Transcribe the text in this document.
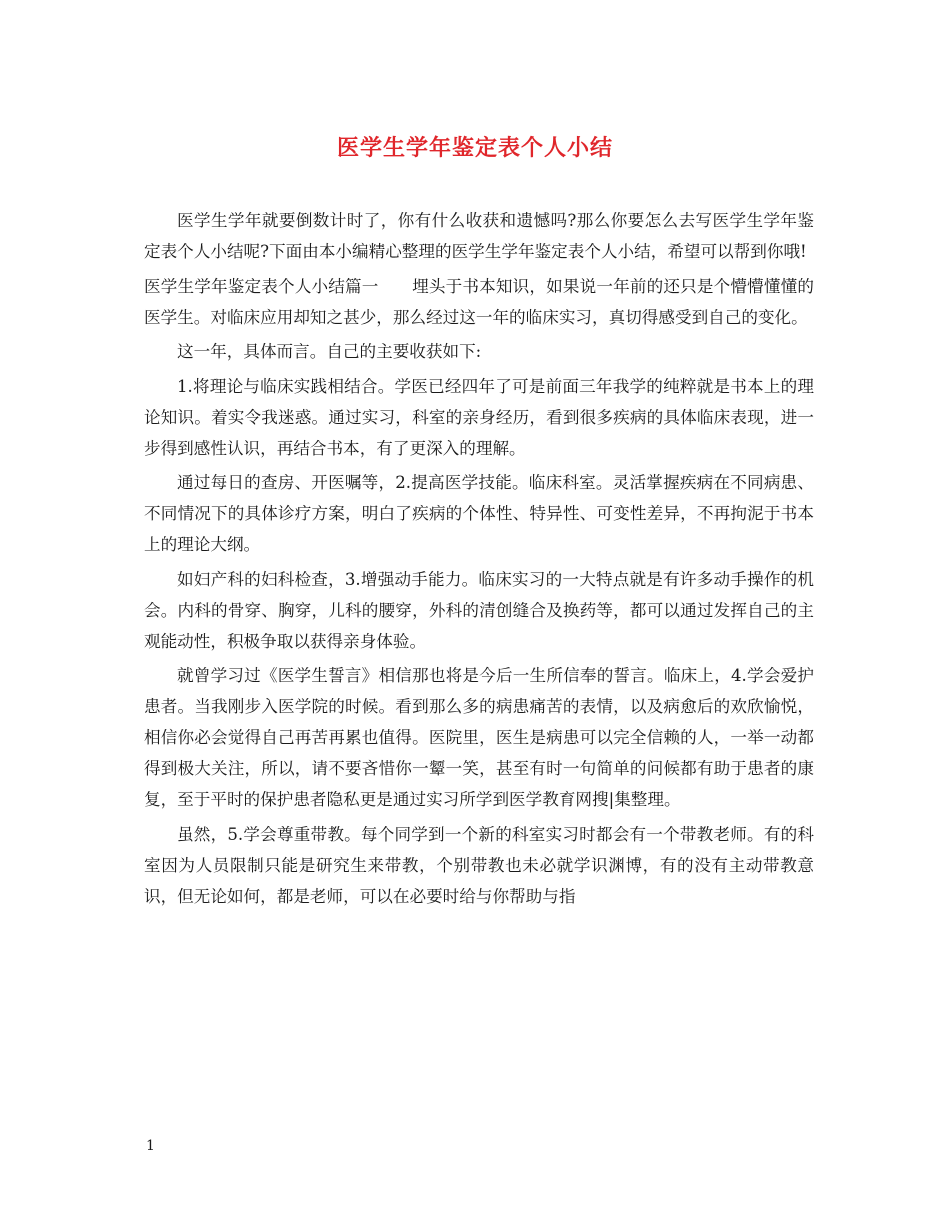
医学生学年鉴定表个人小结

医学生学年就要倒数计时了，你有什么收获和遗憾吗?那么你要怎么去写医学生学年鉴定表个人小结呢?下面由本小编精心整理的医学生学年鉴定表个人小结，希望可以帮到你哦!

医学生学年鉴定表个人小结篇一　　埋头于书本知识，如果说一年前的还只是个懵懵懂懂的医学生。对临床应用却知之甚少，那么经过这一年的临床实习，真切得感受到自己的变化。

这一年，具体而言。自己的主要收获如下:

1.将理论与临床实践相结合。学医已经四年了可是前面三年我学的纯粹就是书本上的理论知识。着实令我迷惑。通过实习，科室的亲身经历，看到很多疾病的具体临床表现，进一步得到感性认识，再结合书本，有了更深入的理解。

通过每日的查房、开医嘱等，2.提高医学技能。临床科室。灵活掌握疾病在不同病患、不同情况下的具体诊疗方案，明白了疾病的个体性、特异性、可变性差异，不再拘泥于书本上的理论大纲。

如妇产科的妇科检查，3.增强动手能力。临床实习的一大特点就是有许多动手操作的机会。内科的骨穿、胸穿，儿科的腰穿，外科的清创缝合及换药等，都可以通过发挥自己的主观能动性，积极争取以获得亲身体验。

就曾学习过《医学生誓言》相信那也将是今后一生所信奉的誓言。临床上，4.学会爱护患者。当我刚步入医学院的时候。看到那么多的病患痛苦的表情，以及病愈后的欢欣愉悦，相信你必会觉得自己再苦再累也值得。医院里，医生是病患可以完全信赖的人，一举一动都得到极大关注，所以，请不要吝惜你一颦一笑，甚至有时一句简单的问候都有助于患者的康复，至于平时的保护患者隐私更是通过实习所学到医学教育网搜|集整理。

虽然，5.学会尊重带教。每个同学到一个新的科室实习时都会有一个带教老师。有的科室因为人员限制只能是研究生来带教，个别带教也未必就学识渊博，有的没有主动带教意识，但无论如何，都是老师，可以在必要时给与你帮助与指

1
